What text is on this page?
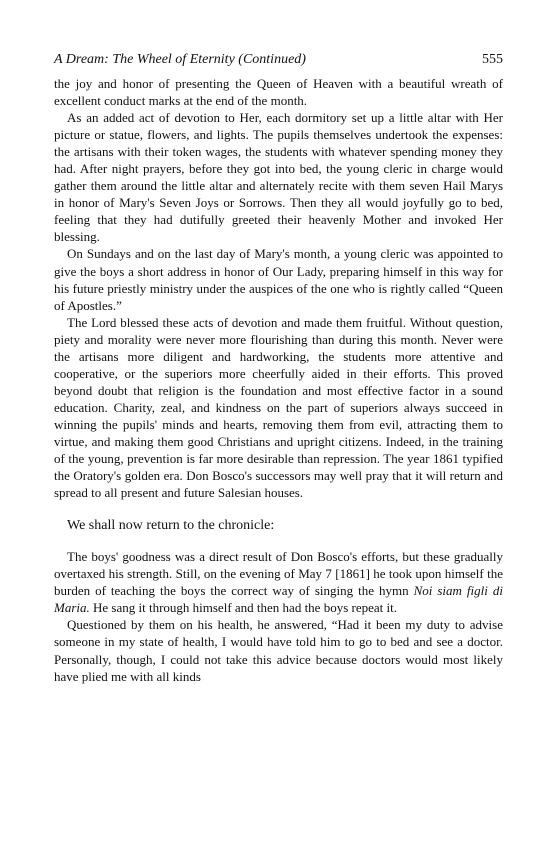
A Dream: The Wheel of Eternity (Continued)	555

the joy and honor of presenting the Queen of Heaven with a beautiful wreath of excellent conduct marks at the end of the month.

As an added act of devotion to Her, each dormitory set up a little altar with Her picture or statue, flowers, and lights. The pupils themselves undertook the expenses: the artisans with their token wages, the students with whatever spending money they had. After night prayers, before they got into bed, the young cleric in charge would gather them around the little altar and alternately recite with them seven Hail Marys in honor of Mary's Seven Joys or Sorrows. Then they all would joyfully go to bed, feeling that they had dutifully greeted their heavenly Mother and invoked Her blessing.

On Sundays and on the last day of Mary's month, a young cleric was appointed to give the boys a short address in honor of Our Lady, preparing himself in this way for his future priestly ministry under the auspices of the one who is rightly called “Queen of Apostles.”

The Lord blessed these acts of devotion and made them fruitful. Without question, piety and morality were never more flourishing than during this month. Never were the artisans more diligent and hardworking, the students more attentive and cooperative, or the superiors more cheerfully aided in their efforts. This proved beyond doubt that religion is the foundation and most effective factor in a sound education. Charity, zeal, and kindness on the part of superiors always succeed in winning the pupils' minds and hearts, removing them from evil, attracting them to virtue, and making them good Christians and upright citizens. Indeed, in the training of the young, prevention is far more desirable than repression. The year 1861 typified the Oratory's golden era. Don Bosco's successors may well pray that it will return and spread to all present and future Salesian houses.

We shall now return to the chronicle:

The boys' goodness was a direct result of Don Bosco's efforts, but these gradually overtaxed his strength. Still, on the evening of May 7 [1861] he took upon himself the burden of teaching the boys the correct way of singing the hymn Noi siam figli di Maria. He sang it through himself and then had the boys repeat it.

Questioned by them on his health, he answered, “Had it been my duty to advise someone in my state of health, I would have told him to go to bed and see a doctor. Personally, though, I could not take this advice because doctors would most likely have plied me with all kinds
